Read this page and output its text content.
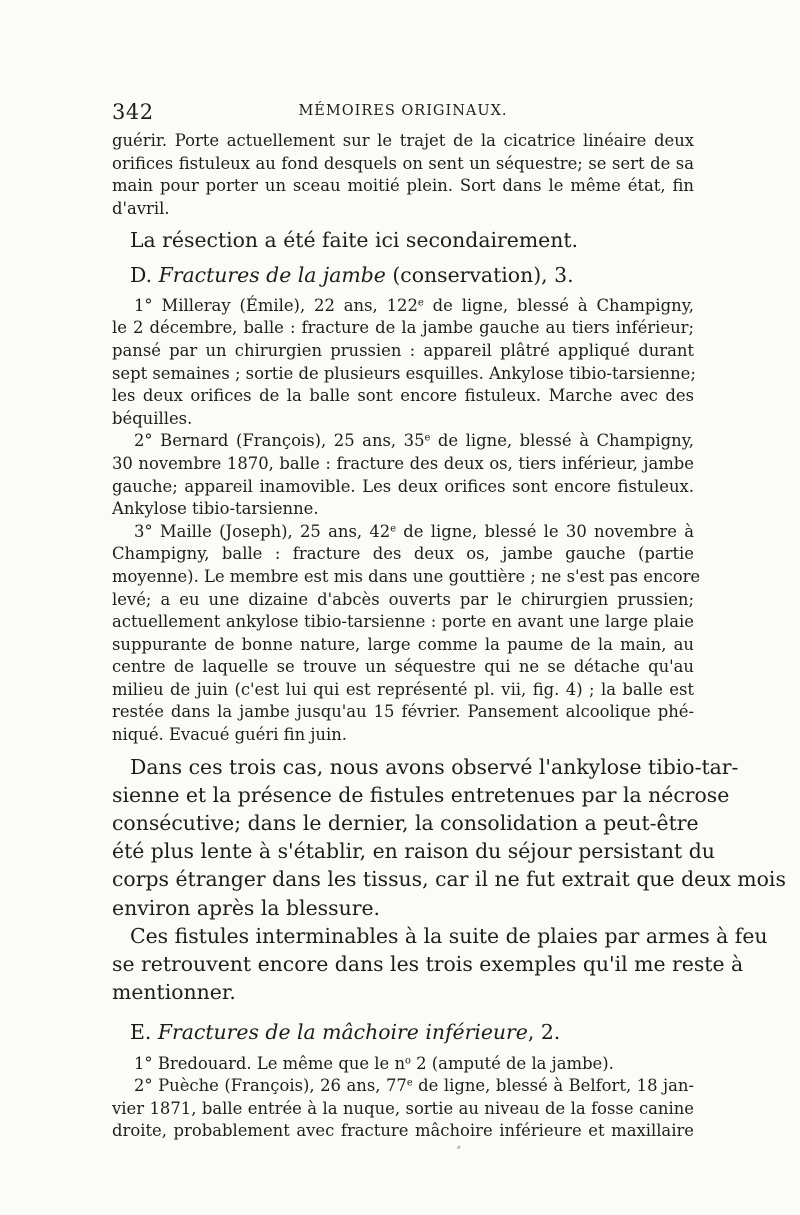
342	MÉMOIRES ORIGINAUX.
guérir. Porte actuellement sur le trajet de la cicatrice linéaire deux
orifices fistuleux au fond desquels on sent un séquestre; se sert de sa
main pour porter un sceau moitié plein. Sort dans le même état, fin
d'avril.
La résection a été faite ici secondairement.
D. Fractures de la jambe (conservation), 3.
1° Milleray (Émile), 22 ans, 122e de ligne, blessé à Champigny,
le 2 décembre, balle : fracture de la jambe gauche au tiers inférieur;
pansé par un chirurgien prussien : appareil plâtré appliqué durant
sept semaines ; sortie de plusieurs esquilles. Ankylose tibio-tarsienne;
les deux orifices de la balle sont encore fistuleux. Marche avec des
béquilles.
2° Bernard (François), 25 ans, 35e de ligne, blessé à Champigny,
30 novembre 1870, balle : fracture des deux os, tiers inférieur, jambe
gauche; appareil inamovible. Les deux orifices sont encore fistuleux.
Ankylose tibio-tarsienne.
3° Maille (Joseph), 25 ans, 42e de ligne, blessé le 30 novembre à
Champigny, balle : fracture des deux os, jambe gauche (partie
moyenne). Le membre est mis dans une gouttière ; ne s'est pas encore
levé; a eu une dizaine d'abcès ouverts par le chirurgien prussien;
actuellement ankylose tibio-tarsienne : porte en avant une large plaie
suppurante de bonne nature, large comme la paume de la main, au
centre de laquelle se trouve un séquestre qui ne se détache qu'au
milieu de juin (c'est lui qui est représenté pl. vii, fig. 4) ; la balle est
restée dans la jambe jusqu'au 15 février. Pansement alcoolique phé-
niqué. Evacué guéri fin juin.
Dans ces trois cas, nous avons observé l'ankylose tibio-tar-
sienne et la présence de fistules entretenues par la nécrose
consécutive; dans le dernier, la consolidation a peut-être
été plus lente à s'établir, en raison du séjour persistant du
corps étranger dans les tissus, car il ne fut extrait que deux mois
environ après la blessure.
Ces fistules interminables à la suite de plaies par armes à feu
se retrouvent encore dans les trois exemples qu'il me reste à
mentionner.
E. Fractures de la mâchoire inférieure, 2.
1° Bredouard. Le même que le $n^o$ 2 (amputé de la jambe).
2° Puèche (François), 26 ans, 77e de ligne, blessé à Belfort, 18 jan-
vier 1871, balle entrée à la nuque, sortie au niveau de la fosse canine
droite, probablement avec fracture mâchoire inférieure et maxillaire
⸗
